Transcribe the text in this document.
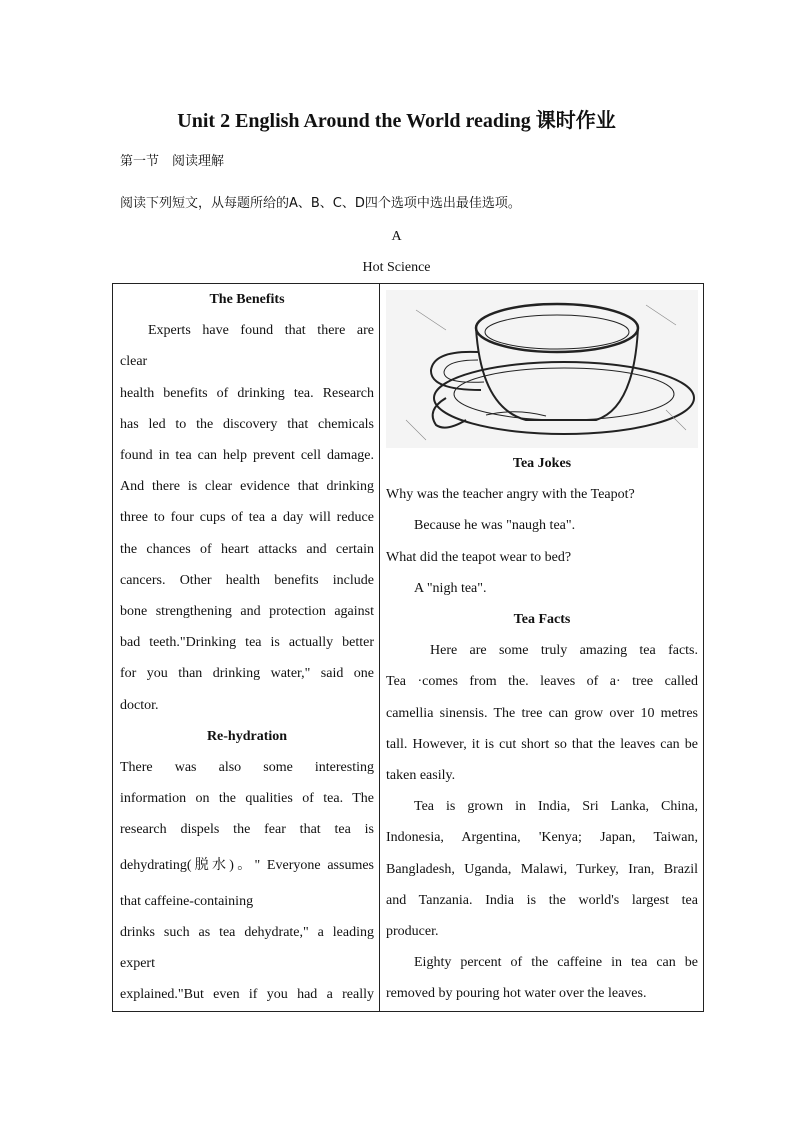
Unit 2 English Around the World reading 课时作业
第一节　阅读理解
阅读下列短文，从每题所给的A、B、C、D四个选项中选出最佳选项。
A
Hot Science

The Benefits

Experts have found that there are

clear

health benefits of drinking tea. Research

has led to the discovery that chemicals

found in tea can help prevent cell damage.

And there is clear evidence that drinking

three to four cups of tea a day will reduce

the chances of heart attacks and certain

cancers. Other health benefits include

bone strengthening and protection against

bad teeth."Drinking tea is actually better

for you than drinking water," said one

doctor.

Re-hydration

There was also some interesting

information on the qualities of tea. The

research dispels the fear that tea is

dehydrating(脱水)。" Everyone assumes

that caffeine-containing

drinks such as tea dehydrate," a leading

expert

explained."But even if you had a really

Tea Jokes

Why was the teacher angry with the Teapot?

Because he was "naugh tea".

What did the teapot wear to bed?

A "nigh tea".

Tea Facts

Here are some truly amazing tea facts.

Tea ·comes from the. leaves of a· tree called

camellia sinensis. The tree can grow over 10 metres

tall. However, it is cut short so that the leaves can be

taken easily.

Tea is grown in India, Sri Lanka, China,

Indonesia, Argentina, 'Kenya; Japan, Taiwan,

Bangladesh, Uganda, Malawi, Turkey, Iran, Brazil

and Tanzania. India is the world's largest tea

producer.

Eighty percent of the caffeine in tea can be

removed by pouring hot water over the leaves.
